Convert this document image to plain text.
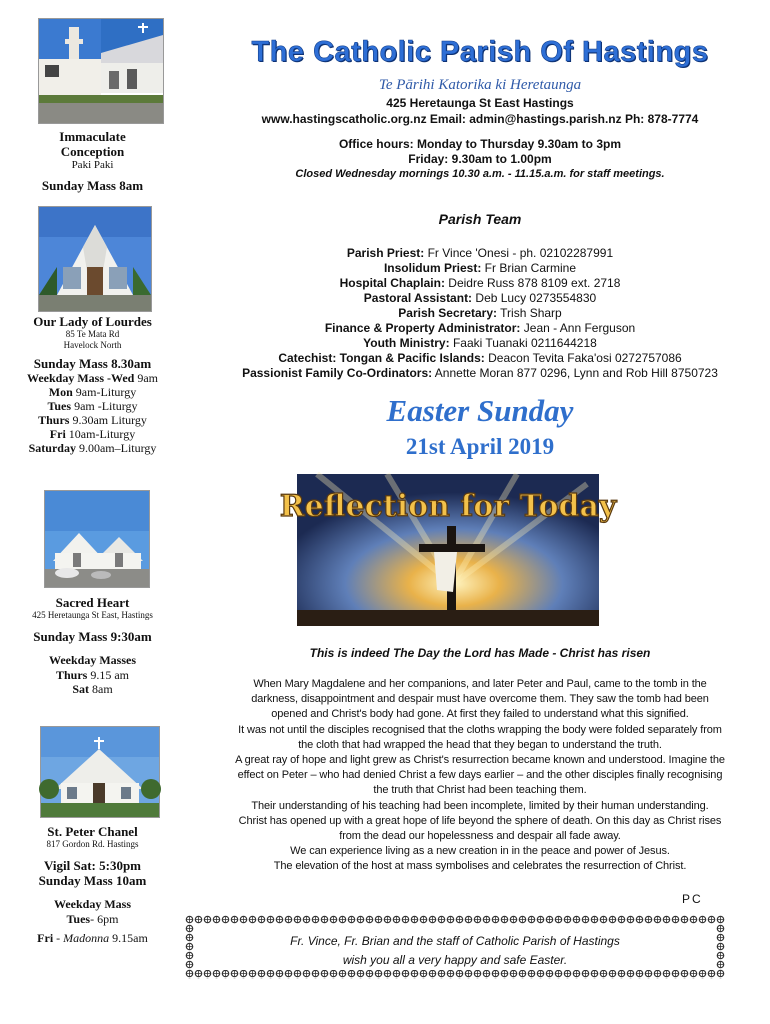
Immaculate
Conception
Paki Paki
Sunday Mass 8am
Our Lady of Lourdes
85 Te Mata Rd
Havelock North
Sunday Mass 8.30am
Weekday Mass -Wed 9am
Mon 9am-Liturgy
Tues 9am -Liturgy
Thurs 9.30am Liturgy
Fri 10am-Liturgy
Saturday 9.00am–Liturgy
Sacred Heart
425 Heretaunga St East, Hastings
Sunday Mass 9:30am
Weekday Masses
Thurs 9.15 am
Sat 8am
St. Peter Chanel
817 Gordon Rd. Hastings
Vigil Sat: 5:30pm
Sunday Mass 10am
Weekday Mass
Tues- 6pm
Fri - Madonna 9.15am
The Catholic Parish Of Hastings
Te Pārihi Katorika ki Heretaunga
425 Heretaunga St East Hastings
www.hastingscatholic.org.nz Email: admin@hastings.parish.nz Ph: 878-7774
Office hours: Monday to Thursday 9.30am to 3pm
Friday: 9.30am to 1.00pm
Closed Wednesday mornings 10.30 a.m. - 11.15.a.m. for staff meetings.
Parish Team
Parish Priest: Fr Vince 'Onesi - ph. 02102287991
Insolidum Priest: Fr Brian Carmine
Hospital Chaplain: Deidre Russ 878 8109 ext. 2718
Pastoral Assistant: Deb Lucy 0273554830
Parish Secretary: Trish Sharp
Finance & Property Administrator: Jean - Ann Ferguson
Youth Ministry: Faaki Tuanaki 0211644218
Catechist: Tongan & Pacific Islands: Deacon Tevita Faka'osi 0272757086
Passionist Family Co-Ordinators: Annette Moran 877 0296, Lynn and Rob Hill 8750723
Easter Sunday
21st April 2019
Reflection for Today
This is indeed The Day the Lord has Made - Christ has risen
When Mary Magdalene and her companions, and later Peter and Paul, came to the tomb in the
darkness, disappointment and despair must have overcome them. They saw the tomb had been
opened and Christ's body had gone. At first they failed to understand what this signified.
It was not until the disciples recognised that the cloths wrapping the body were folded separately from
the cloth that had wrapped the head that they began to understand the truth.
A great ray of hope and light grew as Christ's resurrection became known and understood. Imagine the
effect on Peter – who had denied Christ a few days earlier – and the other disciples finally recognising
the truth that Christ had been teaching them.
Their understanding of his teaching had been incomplete, limited by their human understanding.
Christ has opened up with a great hope of life beyond the sphere of death. On this day as Christ rises
from the dead our hopelessness and despair all fade away.
We can experience living as a new creation in in the peace and power of Jesus.
The elevation of the host at mass symbolises and celebrates the resurrection of Christ.
PC
Fr. Vince, Fr. Brian and the staff of Catholic Parish of Hastings
wish you all a very happy and safe Easter.
